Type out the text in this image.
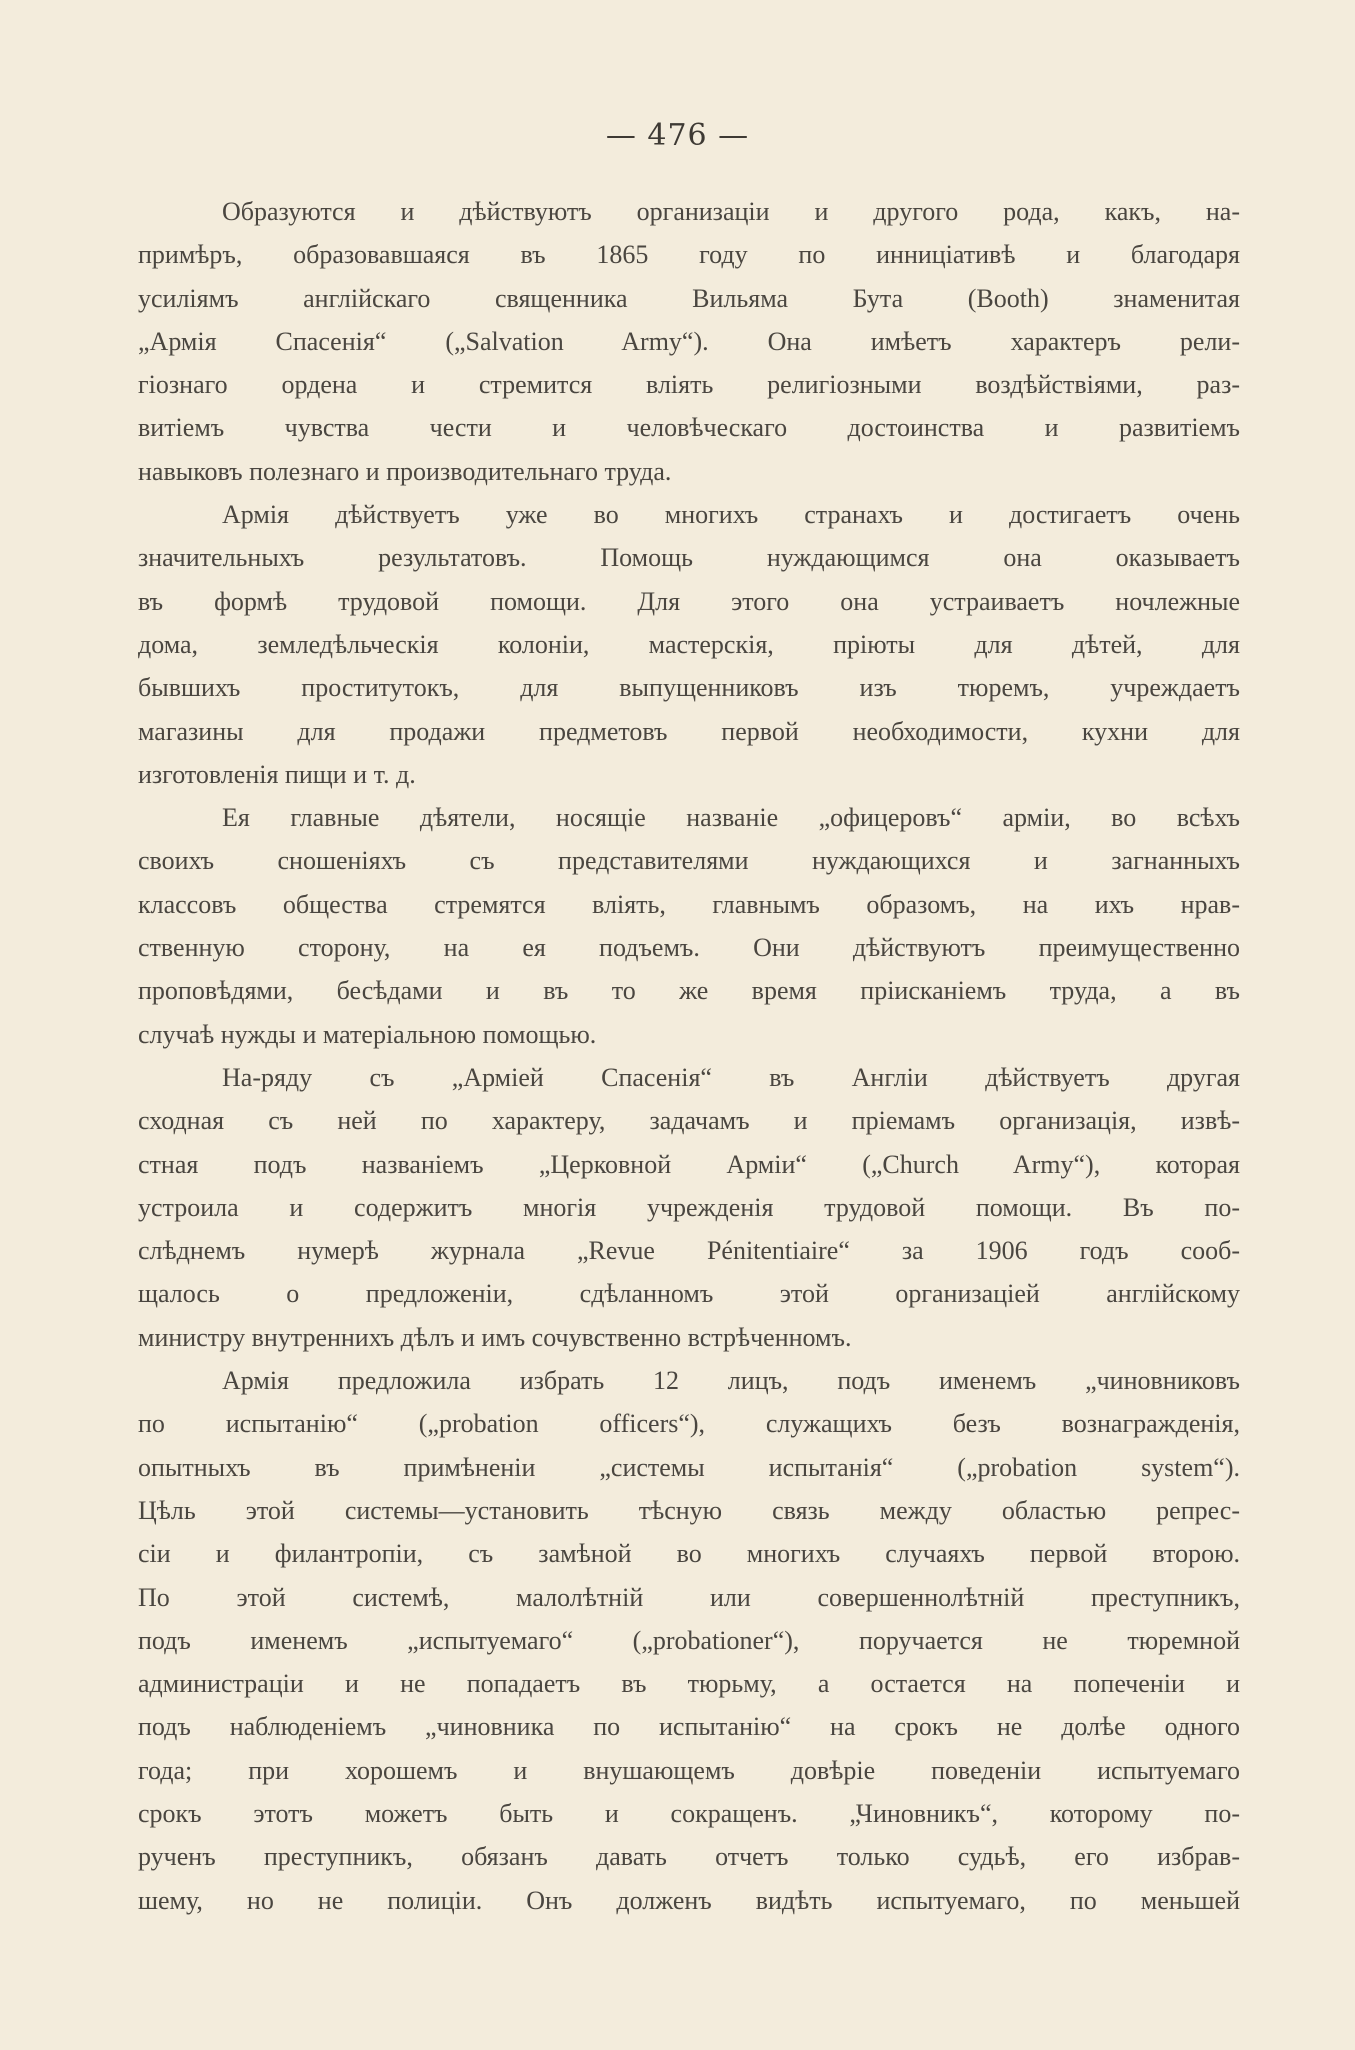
— 476 —
Образуются и дѣйствуютъ организаціи и другого рода, какъ, на-
примѣръ, образовавшаяся въ 1865 году по инниціативѣ и благодаря
усиліямъ англійскаго священника Вильяма Бута (Booth) знаменитая
„Армія Спасенія“ („Salvation Army“). Она имѣетъ характеръ рели-
гіознаго ордена и стремится вліять религіозными воздѣйствіями, раз-
витіемъ чувства чести и человѣческаго достоинства и развитіемъ
навыковъ полезнаго и производительнаго труда.
Армія дѣйствуетъ уже во многихъ странахъ и достигаетъ очень
значительныхъ результатовъ. Помощь нуждающимся она оказываетъ
въ формѣ трудовой помощи. Для этого она устраиваетъ ночлежные
дома, земледѣльческія колоніи, мастерскія, пріюты для дѣтей, для
бывшихъ проститутокъ, для выпущенниковъ изъ тюремъ, учреждаетъ
магазины для продажи предметовъ первой необходимости, кухни для
изготовленія пищи и т. д.
Ея главные дѣятели, носящіе названіе „офицеровъ“ арміи, во всѣхъ
своихъ сношеніяхъ съ представителями нуждающихся и загнанныхъ
классовъ общества стремятся вліять, главнымъ образомъ, на ихъ нрав-
ственную сторону, на ея подъемъ. Они дѣйствуютъ преимущественно
проповѣдями, бесѣдами и въ то же время пріисканіемъ труда, а въ
случаѣ нужды и матеріальною помощью.
На-ряду съ „Арміей Спасенія“ въ Англіи дѣйствуетъ другая
сходная съ ней по характеру, задачамъ и пріемамъ организація, извѣ-
стная подъ названіемъ „Церковной Арміи“ („Church Army“), которая
устроила и содержитъ многія учрежденія трудовой помощи. Въ по-
слѣднемъ нумерѣ журнала „Revue Pénitentiaire“ за 1906 годъ сооб-
щалось о предложеніи, сдѣланномъ этой организаціей англійскому
министру внутреннихъ дѣлъ и имъ сочувственно встрѣченномъ.
Армія предложила избрать 12 лицъ, подъ именемъ „чиновниковъ
по испытанію“ („probation officers“), служащихъ безъ вознагражденія,
опытныхъ въ примѣненіи „системы испытанія“ („probation system“).
Цѣль этой системы—установить тѣсную связь между областью репрес-
сіи и филантропіи, съ замѣной во многихъ случаяхъ первой второю.
По этой системѣ, малолѣтній или совершеннолѣтній преступникъ,
подъ именемъ „испытуемаго“ („probationer“), поручается не тюремной
администраціи и не попадаетъ въ тюрьму, а остается на попеченіи и
подъ наблюденіемъ „чиновника по испытанію“ на срокъ не долѣе одного
года; при хорошемъ и внушающемъ довѣріе поведеніи испытуемаго
срокъ этотъ можетъ быть и сокращенъ. „Чиновникъ“, которому по-
рученъ преступникъ, обязанъ давать отчетъ только судьѣ, его избрав-
шему, но не полиціи. Онъ долженъ видѣть испытуемаго, по меньшей
